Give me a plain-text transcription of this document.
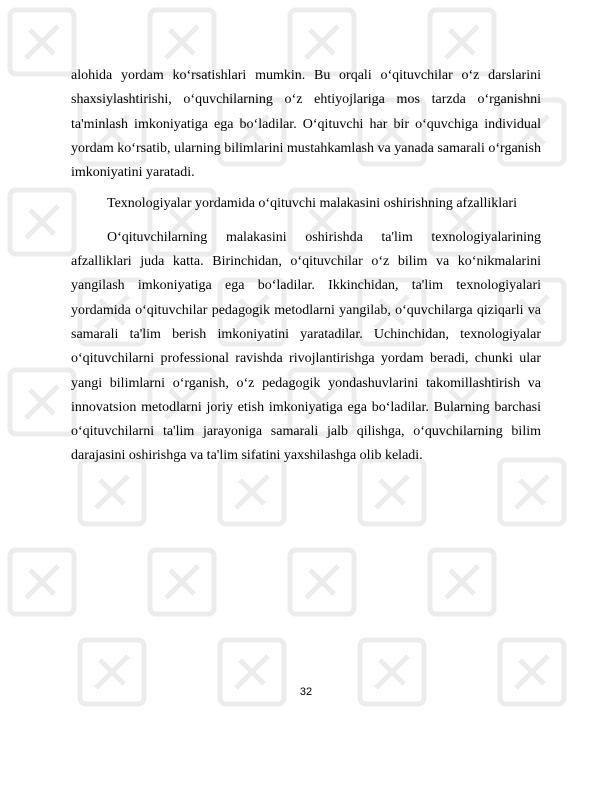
alohida yordam ko‘rsatishlari mumkin. Bu orqali o‘qituvchilar o‘z darslarini shaxsiylashtirishi, o‘quvchilarning o‘z ehtiyojlariga mos tarzda o‘rganishni ta'minlash imkoniyatiga ega bo‘ladilar. O‘qituvchi har bir o‘quvchiga individual yordam ko‘rsatib, ularning bilimlarini mustahkamlash va yanada samarali o‘rganish imkoniyatini yaratadi.

Texnologiyalar yordamida o‘qituvchi malakasini oshirishning afzalliklari

O‘qituvchilarning malakasini oshirishda ta'lim texnologiyalarining afzalliklari juda katta. Birinchidan, o‘qituvchilar o‘z bilim va ko‘nikmalarini yangilash imkoniyatiga ega bo‘ladilar. Ikkinchidan, ta'lim texnologiyalari yordamida o‘qituvchilar pedagogik metodlarni yangilab, o‘quvchilarga qiziqarli va samarali ta'lim berish imkoniyatini yaratadilar. Uchinchidan, texnologiyalar o‘qituvchilarni professional ravishda rivojlantirishga yordam beradi, chunki ular yangi bilimlarni o‘rganish, o‘z pedagogik yondashuvlarini takomillashtirish va innovatsion metodlarni joriy etish imkoniyatiga ega bo‘ladilar. Bularning barchasi o‘qituvchilarni ta'lim jarayoniga samarali jalb qilishga, o‘quvchilarning bilim darajasini oshirishga va ta'lim sifatini yaxshilashga olib keladi.

32
